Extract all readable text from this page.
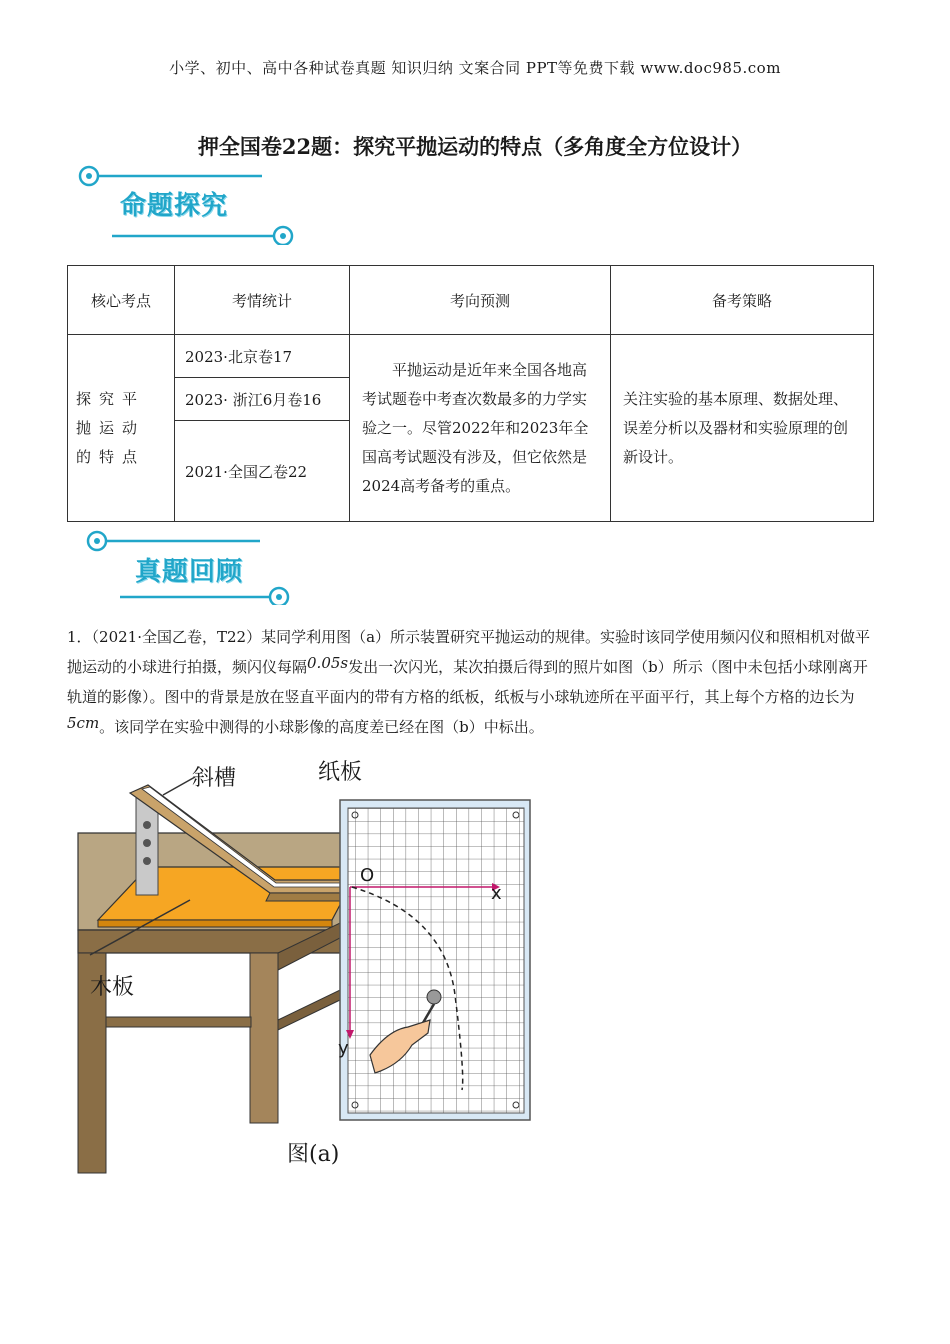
小学、初中、高中各种试卷真题 知识归纳 文案合同 PPT等免费下载 www.doc985.com
押全国卷22题：探究平抛运动的特点（多角度全方位设计）
命题探究
核心考点	考情统计	考向预测	备考策略
探究平抛运动的特点	2023·北京卷17	平抛运动是近年来全国各地高考试题卷中考查次数最多的力学实验之一。尽管2022年和2023年全国高考试题没有涉及，但它依然是2024高考备考的重点。	关注实验的基本原理、数据处理、误差分析以及器材和实验原理的创新设计。
	2023· 浙江6月卷16		
	2021·全国乙卷22		
真题回顾
1．（2021·全国乙卷，T22）某同学利用图（a）所示装置研究平抛运动的规律。实验时该同学使用频闪仪和照相机对做平抛运动的小球进行拍摄，频闪仪每隔0.05s发出一次闪光，某次拍摄后得到的照片如图（b）所示（图中未包括小球刚离开轨道的影像）。图中的背景是放在竖直平面内的带有方格的纸板，纸板与小球轨迹所在平面平行，其上每个方格的边长为5cm。该同学在实验中测得的小球影像的高度差已经在图（b）中标出。
斜槽	纸板
木板
O
x
y
图(a)
